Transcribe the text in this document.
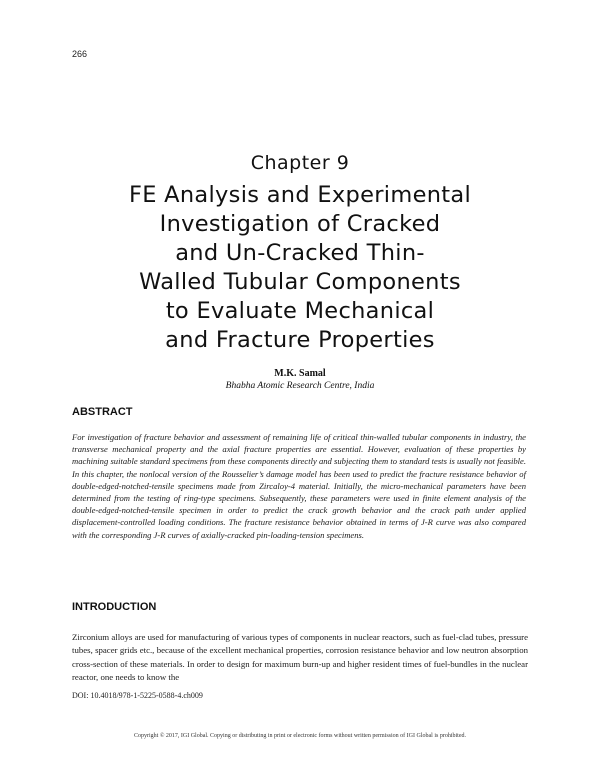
266
Chapter 9
FE Analysis and Experimental
Investigation of Cracked
and Un-Cracked Thin-
Walled Tubular Components
to Evaluate Mechanical
and Fracture Properties
M.K. Samal
Bhabha Atomic Research Centre, India
ABSTRACT
For investigation of fracture behavior and assessment of remaining life of critical thin-walled tubular components in industry, the transverse mechanical property and the axial fracture properties are essential. However, evaluation of these properties by machining suitable standard specimens from these components directly and subjecting them to standard tests is usually not feasible. In this chapter, the nonlocal version of the Rousselier’s damage model has been used to predict the fracture resistance behavior of double-edged-notched-tensile specimens made from Zircaloy-4 material. Initially, the micro-mechanical parameters have been determined from the testing of ring-type specimens. Subsequently, these parameters were used in finite element analysis of the double-edged-notched-tensile specimen in order to predict the crack growth behavior and the crack path under applied displacement-controlled loading conditions. The fracture resistance behavior obtained in terms of J-R curve was also compared with the corresponding J-R curves of axially-cracked pin-loading-tension specimens.
INTRODUCTION
Zirconium alloys are used for manufacturing of various types of components in nuclear reactors, such as fuel-clad tubes, pressure tubes, spacer grids etc., because of the excellent mechanical properties, corrosion resistance behavior and low neutron absorption cross-section of these materials. In order to design for maximum burn-up and higher resident times of fuel-bundles in the nuclear reactor, one needs to know the
DOI: 10.4018/978-1-5225-0588-4.ch009
Copyright © 2017, IGI Global. Copying or distributing in print or electronic forms without written permission of IGI Global is prohibited.
